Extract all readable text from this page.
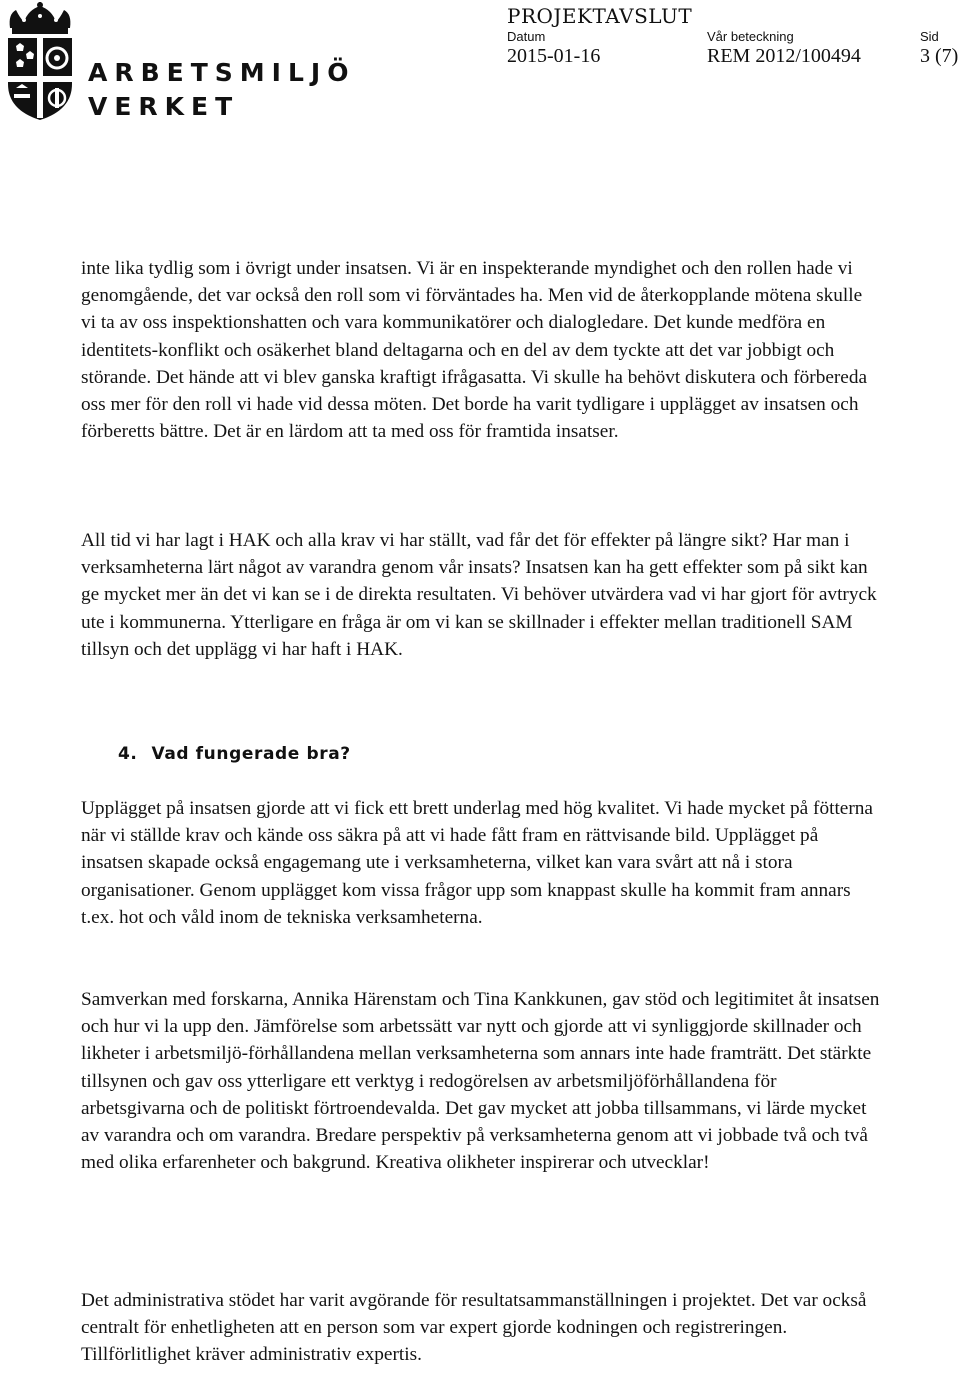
ARBETSMILJÖ
VERKET
PROJEKTAVSLUT
Datum
2015-01-16
Vår beteckning
REM 2012/100494
Sid
3 (7)

inte lika tydlig som i övrigt under insatsen. Vi är en inspekterande myndighet och den rollen hade vi genomgående, det var också den roll som vi förväntades ha. Men vid de återkopplande mötena skulle vi ta av oss inspektionshatten och vara kommunikatörer och dialogledare. Det kunde medföra en identitets-konflikt och osäkerhet bland deltagarna och en del av dem tyckte att det var jobbigt och störande. Det hände att vi blev ganska kraftigt ifrågasatta. Vi skulle ha behövt diskutera och förbereda oss mer för den roll vi hade vid dessa möten. Det borde ha varit tydligare i upplägget av insatsen och förberetts bättre. Det är en lärdom att ta med oss för framtida insatser.

All tid vi har lagt i HAK och alla krav vi har ställt, vad får det för effekter på längre sikt? Har man i verksamheterna lärt något av varandra genom vår insats? Insatsen kan ha gett effekter som på sikt kan ge mycket mer än det vi kan se i de direkta resultaten. Vi behöver utvärdera vad vi har gjort för avtryck ute i kommunerna. Ytterligare en fråga är om vi kan se skillnader i effekter mellan traditionell SAM tillsyn och det upplägg vi har haft i HAK.

4. Vad fungerade bra?

Upplägget på insatsen gjorde att vi fick ett brett underlag med hög kvalitet. Vi hade mycket på fötterna när vi ställde krav och kände oss säkra på att vi hade fått fram en rättvisande bild. Upplägget på insatsen skapade också engagemang ute i verksamheterna, vilket kan vara svårt att nå i stora organisationer. Genom upplägget kom vissa frågor upp som knappast skulle ha kommit fram annars t.ex. hot och våld inom de tekniska verksamheterna.

Samverkan med forskarna, Annika Härenstam och Tina Kankkunen, gav stöd och legitimitet åt insatsen och hur vi la upp den. Jämförelse som arbetssätt var nytt och gjorde att vi synliggjorde skillnader och likheter i arbetsmiljö-förhållandena mellan verksamheterna som annars inte hade framträtt. Det stärkte tillsynen och gav oss ytterligare ett verktyg i redogörelsen av arbetsmiljöförhållandena för arbetsgivarna och de politiskt förtroendevalda. Det gav mycket att jobba tillsammans, vi lärde mycket av varandra och om varandra. Bredare perspektiv på verksamheterna genom att vi jobbade två och två med olika erfarenheter och bakgrund. Kreativa olikheter inspirerar och utvecklar!

Det administrativa stödet har varit avgörande för resultatsammanställningen i projektet. Det var också centralt för enhetligheten att en person som var expert gjorde kodningen och registreringen. Tillförlitlighet kräver administrativ expertis.
